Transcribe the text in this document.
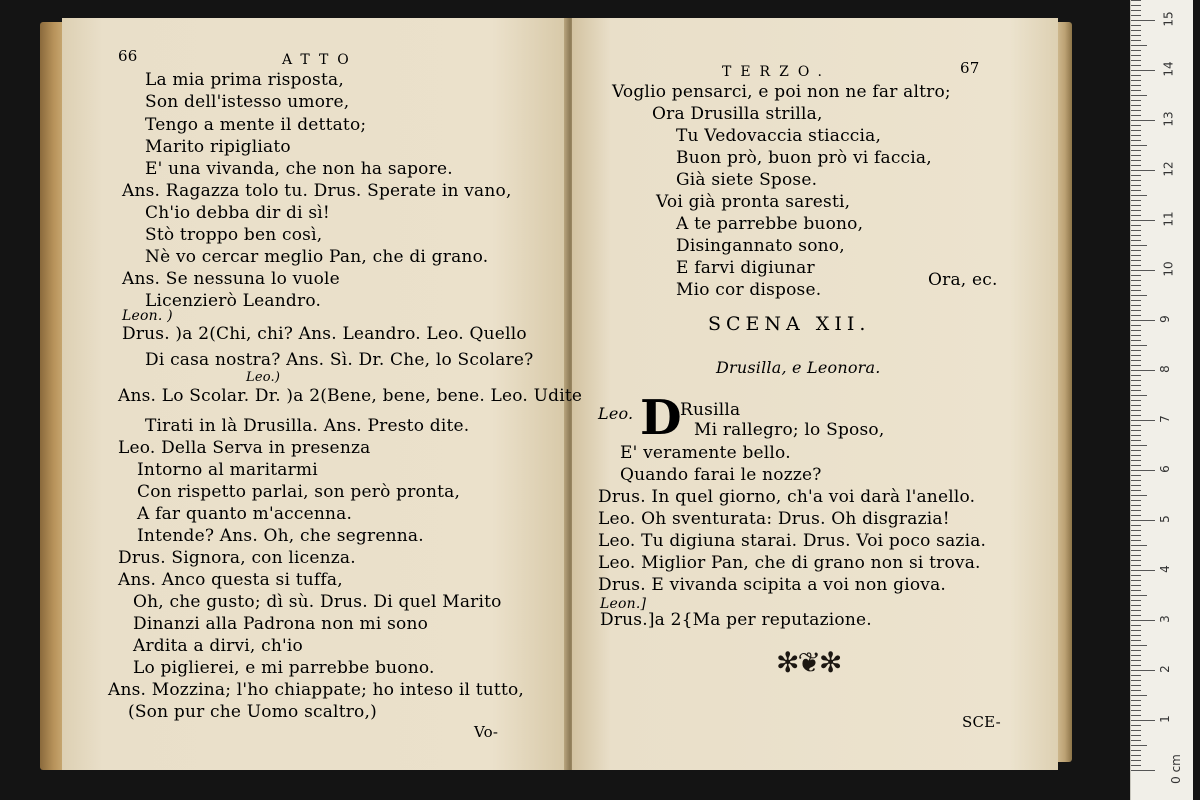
66	ATTO
La mia prima risposta,
Son dell'istesso umore,
Tengo a mente il dettato;
Marito ripigliato
E' una vivanda, che non ha sapore.
Ans. Ragazza tolo tu. Drus. Sperate in vano,
Ch'io debba dir di sì!
Stò troppo ben così,
Nè vo cercar meglio Pan, che di grano.
Ans. Se nessuna lo vuole
Licenzierò Leandro.
Leon. )
Drus. )a 2(Chi, chi? Ans. Leandro. Leo. Quello
Di casa nostra? Ans. Sì. Dr. Che, lo Scolare?
Leo.)
Ans. Lo Scolar. Dr. )a 2(Bene, bene, bene. Leo. Udite
Tirati in là Drusilla. Ans. Presto dite.
Leo. Della Serva in presenza
Intorno al maritarmi
Con rispetto parlai, son però pronta,
A far quanto m'accenna.
Intende? Ans. Oh, che segrenna.
Drus. Signora, con licenza.
Ans. Anco questa si tuffa,
Oh, che gusto; dì sù. Drus. Di quel Marito
Dinanzi alla Padrona non mi sono
Ardita a dirvi, ch'io
Lo piglierei, e mi parrebbe buono.
Ans. Mozzina; l'ho chiappate; ho inteso il tutto,
(Son pur che Uomo scaltro,)
Vo-
TERZO.	67
Voglio pensarci, e poi non ne far altro;
Ora Drusilla strilla,
Tu Vedovaccia stiaccia,
Buon prò, buon prò vi faccia,
Già siete Spose.
Voi già pronta saresti,
A te parrebbe buono,
Disingannato sono,
E farvi digiunar
Mio cor dispose.	Ora, ec.
SCENA XII.
Drusilla, e Leonora.
Leo. D
Rusilla
Mi rallegro; lo Sposo,
E' veramente bello.
Quando farai le nozze?
Drus. In quel giorno, ch'a voi darà l'anello.
Leo. Oh sventurata: Drus. Oh disgrazia!
Leo. Tu digiuna starai. Drus. Voi poco sazia.
Leo. Miglior Pan, che di grano non si trova.
Drus. E vivanda scipita a voi non giova.
Leon.]
Drus.]a 2{Ma per reputazione.
✻❦✻
SCE-
0 cm
1
2
3
4
5
6
7
8
9
10
11
12
13
14
15
